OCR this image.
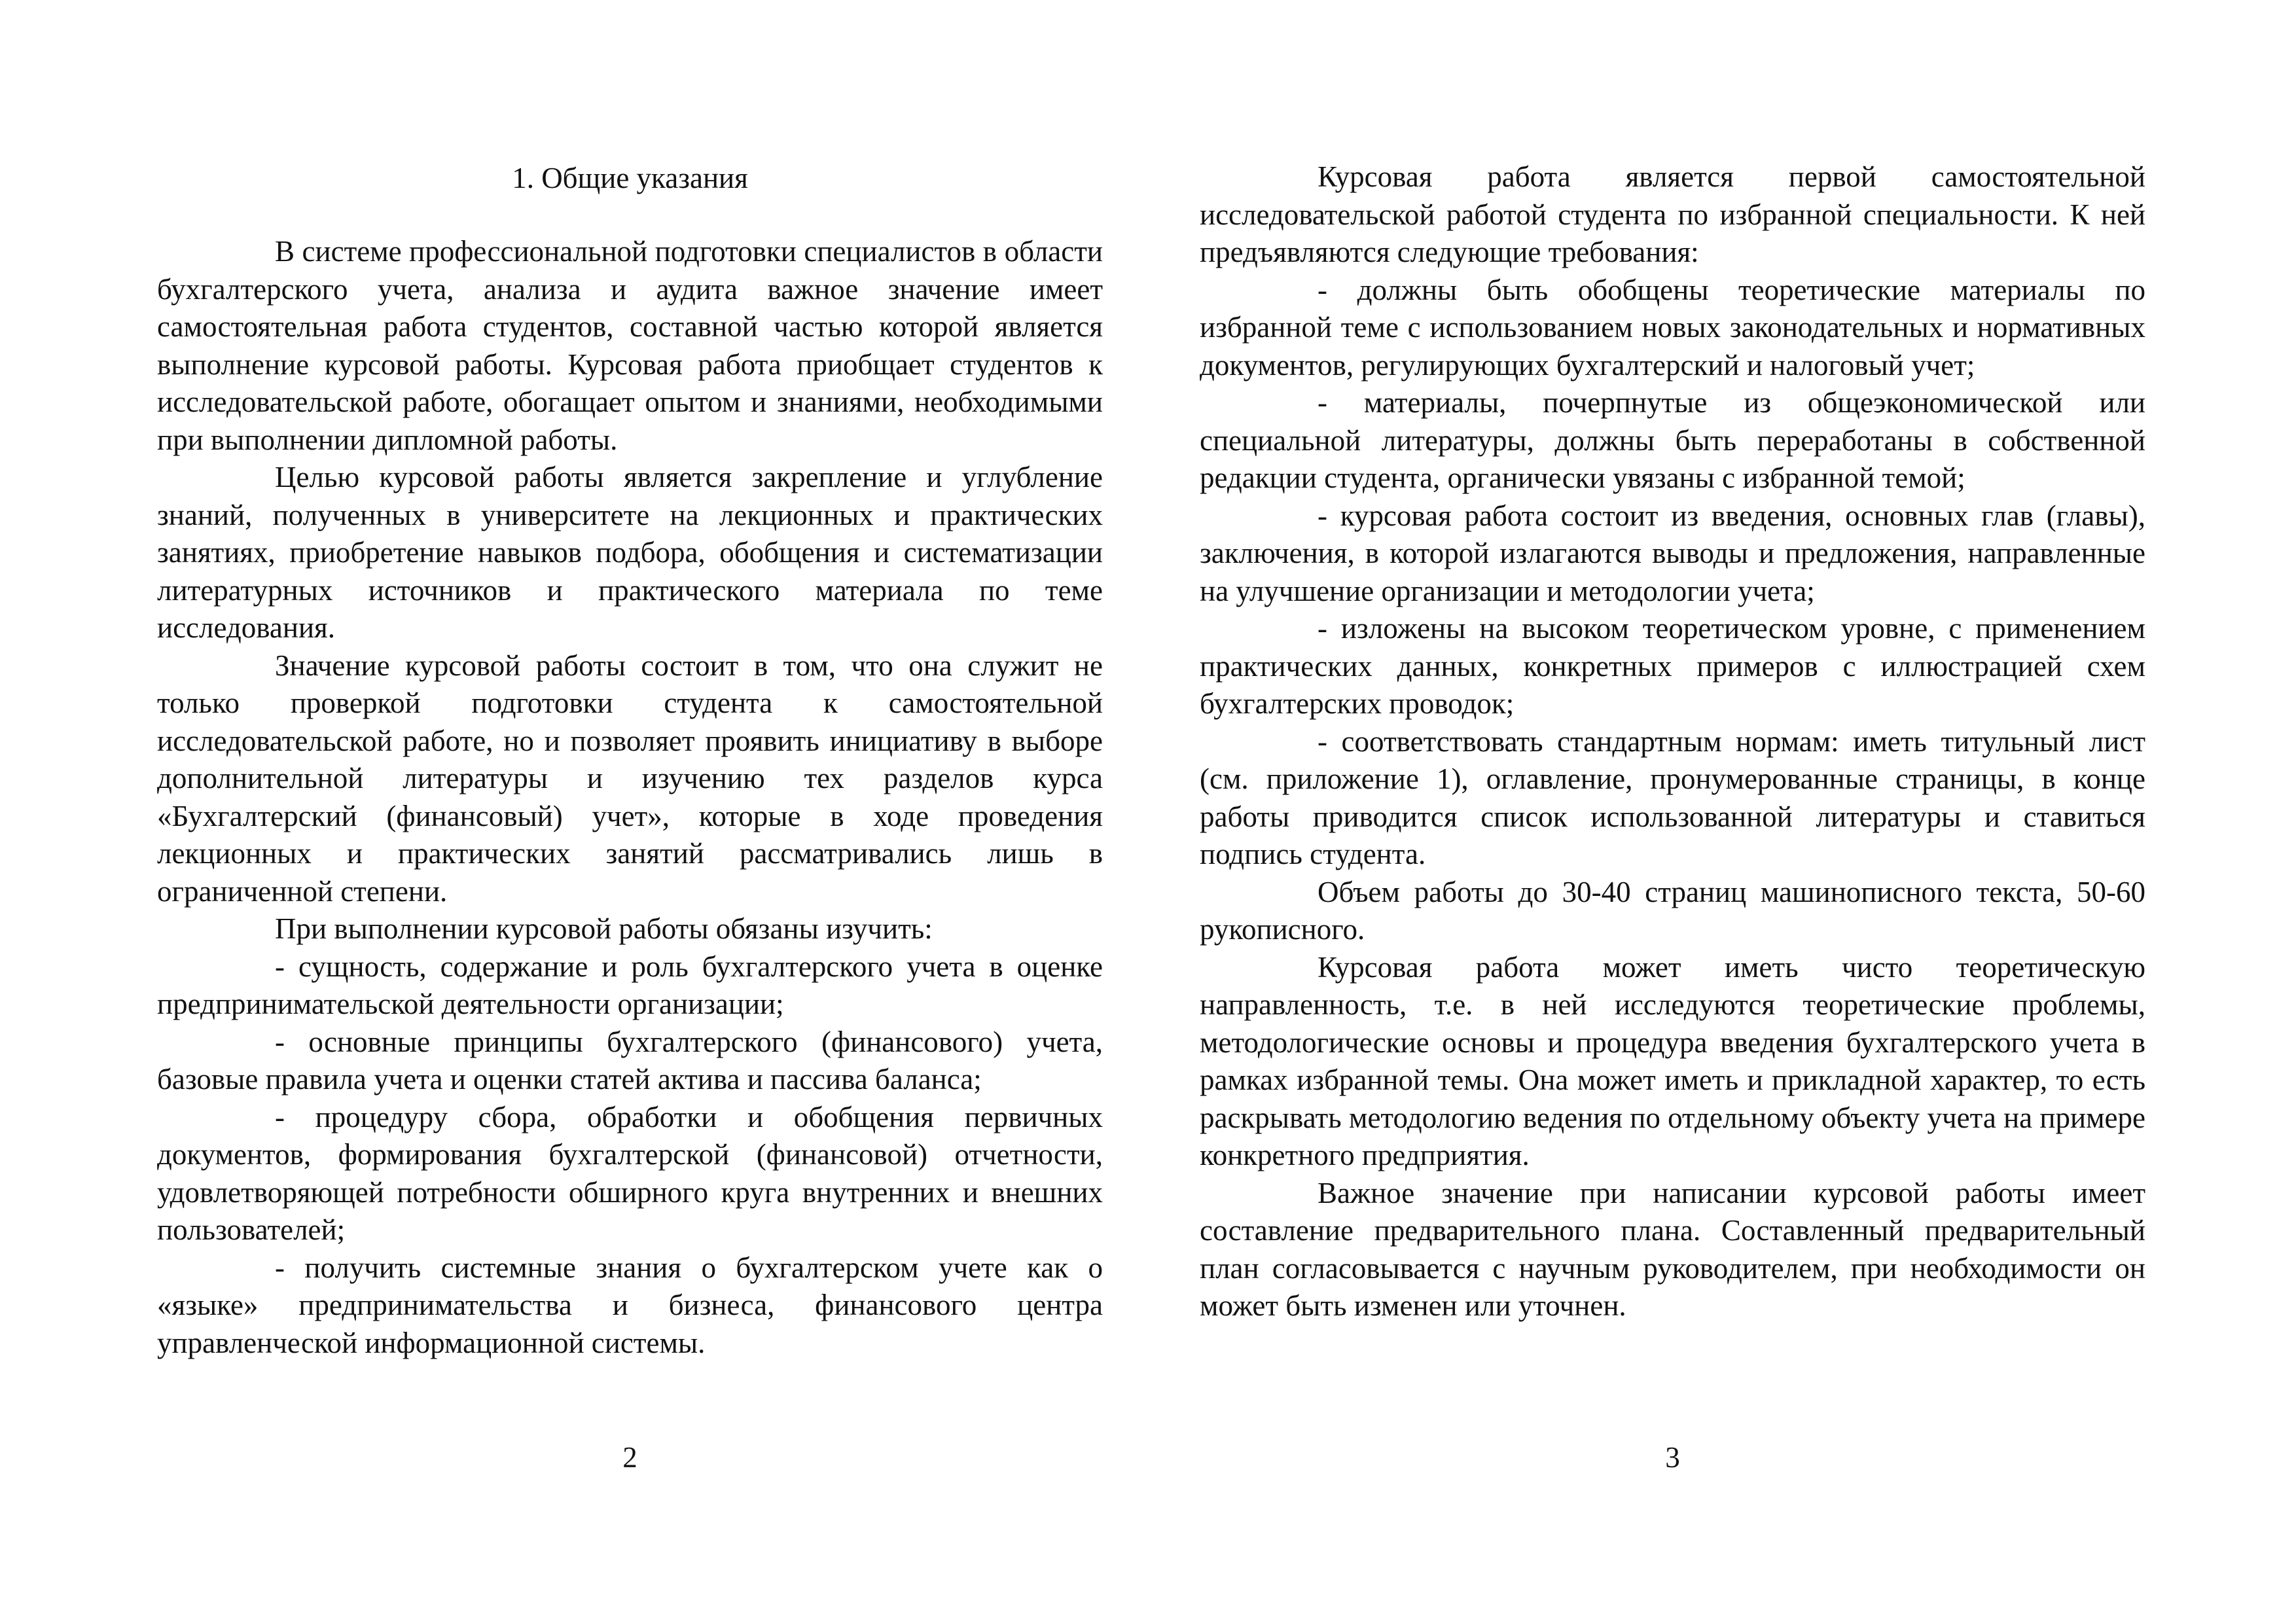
1. Общие указания

В системе профессиональной подготовки специалистов в области бухгалтерского учета, анализа и аудита важное значение имеет самостоятельная работа студентов, составной частью которой является выполнение курсовой работы. Курсовая работа приобщает студентов к исследовательской работе, обогащает опытом и знаниями, необходимыми при выполнении дипломной работы.

Целью курсовой работы является закрепление и углубление знаний, полученных в университете на лекционных и практических занятиях, приобретение навыков подбора, обобщения и систематизации литературных источников и практического материала по теме исследования.

Значение курсовой работы состоит в том, что она служит не только проверкой подготовки студента к самостоятельной исследовательской работе, но и позволяет проявить инициативу в выборе дополнительной литературы и изучению тех разделов курса «Бухгалтерский (финансовый) учет», которые в ходе проведения лекционных и практических занятий рассматривались лишь в ограниченной степени.

При выполнении курсовой работы обязаны изучить:

- сущность, содержание и роль бухгалтерского учета в оценке предпринимательской деятельности организации;

- основные принципы бухгалтерского (финансового) учета, базовые правила учета и оценки статей актива и пассива баланса;

- процедуру сбора, обработки и обобщения первичных документов, формирования бухгалтерской (финансовой) отчетности, удовлетворяющей потребности обширного круга внутренних и внешних пользователей;

- получить системные знания о бухгалтерском учете как о «языке» предпринимательства и бизнеса, финансового центра управленческой информационной системы.

2

Курсовая работа является первой самостоятельной исследовательской работой студента по избранной специальности. К ней предъявляются следующие требования:

- должны быть обобщены теоретические материалы по избранной теме с использованием новых законодательных и нормативных документов, регулирующих бухгалтерский и налоговый учет;

- материалы, почерпнутые из общеэкономической или специальной литературы, должны быть переработаны в собственной редакции студента, органически увязаны с избранной темой;

- курсовая работа состоит из введения, основных глав (главы), заключения, в которой излагаются выводы и предложения, направленные на улучшение организации и методологии учета;

- изложены на высоком теоретическом уровне, с применением практических данных, конкретных примеров с иллюстрацией схем бухгалтерских проводок;

- соответствовать стандартным нормам: иметь титульный лист (см. приложение 1), оглавление, пронумерованные страницы, в конце работы приводится список использованной литературы и ставиться подпись студента.

Объем работы до 30-40 страниц машинописного текста, 50-60 рукописного.

Курсовая работа может иметь чисто теоретическую направленность, т.е. в ней исследуются теоретические проблемы, методологические основы и процедура введения бухгалтерского учета в рамках избранной темы. Она может иметь и прикладной характер, то есть раскрывать методологию ведения по отдельному объекту учета на примере конкретного предприятия.

Важное значение при написании курсовой работы имеет составление предварительного плана. Составленный предварительный план согласовывается с научным руководителем, при необходимости он может быть изменен или уточнен.

3
